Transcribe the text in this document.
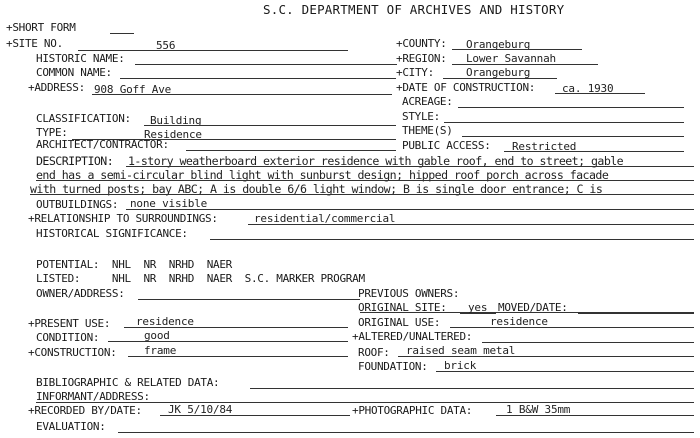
S.C. DEPARTMENT OF ARCHIVES AND HISTORY
+SHORT FORM
+SITE NO.	556	+COUNTY: Orangeburg
HISTORIC NAME:	+REGION: Lower Savannah
COMMON NAME:	+CITY:	Orangeburg
+ADDRESS: 908 Goff Ave	+DATE OF CONSTRUCTION: ca. 1930
ACREAGE:
CLASSIFICATION: Building	STYLE:
TYPE:	Residence	THEME(S)
ARCHITECT/CONTRACTOR:	PUBLIC ACCESS: Restricted
DESCRIPTION: 1-story weatherboard exterior residence with gable roof, end to street; gable
end has a semi-circular blind light with sunburst design; hipped roof porch across facade
with turned posts; bay ABC; A is double 6/6 light window; B is single door entrance; C is
OUTBUILDINGS: none visible
+RELATIONSHIP TO SURROUNDINGS:	residential/commercial
HISTORICAL SIGNIFICANCE:
POTENTIAL:  NHL  NR  NRHD  NAER
LISTED:     NHL  NR  NRHD  NAER  S.C. MARKER PROGRAM
OWNER/ADDRESS:	PREVIOUS OWNERS:
ORIGINAL SITE: yes MOVED/DATE:
+PRESENT USE: residence	ORIGINAL USE:	residence
CONDITION:	good	+ALTERED/UNALTERED:
+CONSTRUCTION: frame	ROOF: raised seam metal
FOUNDATION: brick
BIBLIOGRAPHIC & RELATED DATA:
INFORMANT/ADDRESS:
+RECORDED BY/DATE: JK 5/10/84	+PHOTOGRAPHIC DATA:	1 B&W 35mm
EVALUATION:
